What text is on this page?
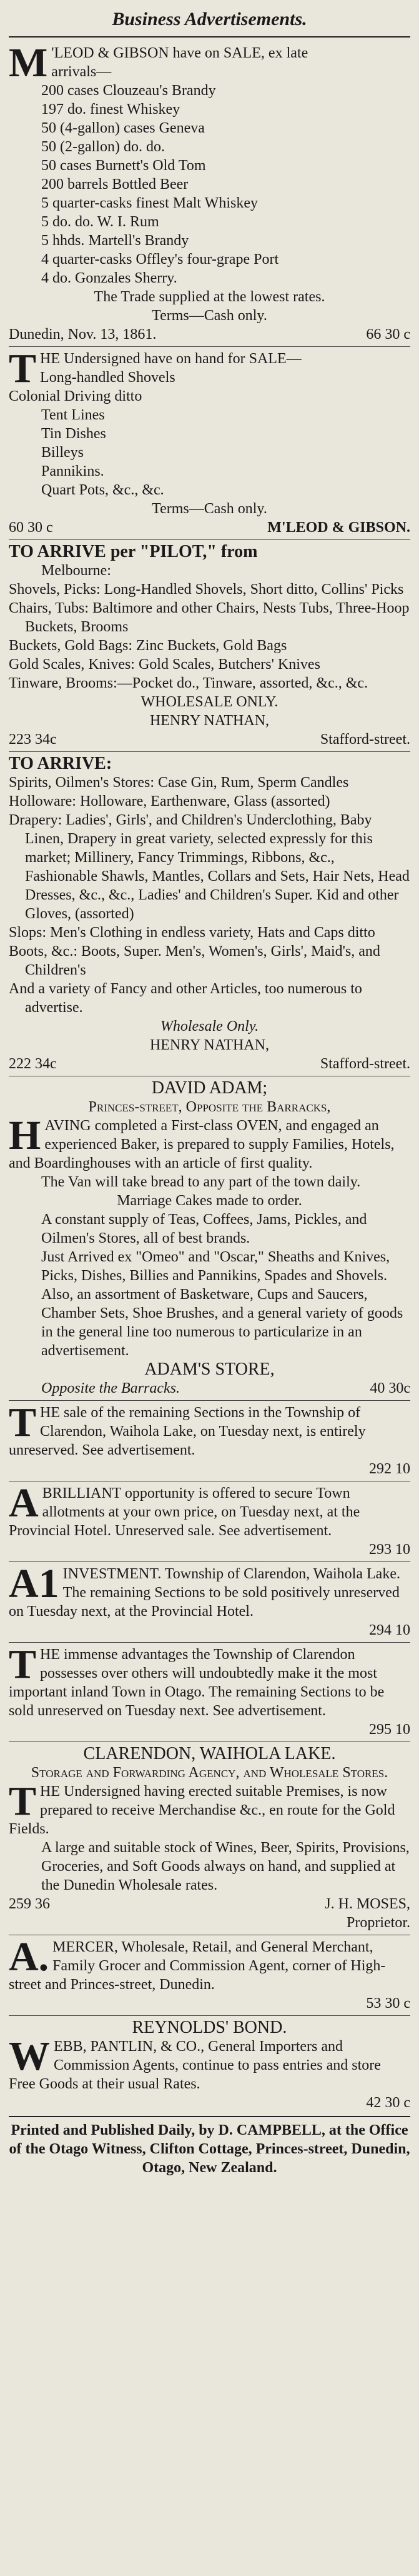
Business Advertisements.
M 'LEOD & GIBSON have on SALE, ex late

arrivals—

200 cases Clouzeau's Brandy

197 do. finest Whiskey

50 (4-gallon) cases Geneva

50 (2-gallon) do. do.

50 cases Burnett's Old Tom

200 barrels Bottled Beer

5 quarter-casks finest Malt Whiskey

5 do. do. W. I. Rum

5 hhds. Martell's Brandy

4 quarter-casks Offley's four-grape Port

4 do. Gonzales Sherry.

The Trade supplied at the lowest rates.

Terms—Cash only.

Dunedin, Nov. 13, 1861.	66 30 c
T HE Undersigned have on hand for SALE—

Long-handled Shovels

Colonial Driving ditto

Tent Lines

Tin Dishes

Billeys

Pannikins.

Quart Pots, &c., &c.

Terms—Cash only.

60 30 c	M'LEOD & GIBSON.

TO ARRIVE per "PILOT," from

Melbourne:

Shovels, Picks: Long-Handled Shovels, Short ditto, Collins' Picks

Chairs, Tubs: Baltimore and other Chairs, Nests Tubs, Three-Hoop Buckets, Brooms

Buckets, Gold Bags: Zinc Buckets, Gold Bags

Gold Scales, Knives: Gold Scales, Butchers' Knives

Tinware, Brooms:—Pocket do., Tinware, assorted, &c., &c.

WHOLESALE ONLY.

HENRY NATHAN,

223 34c	Stafford-street.

TO ARRIVE:

Spirits, Oilmen's Stores: Case Gin, Rum, Sperm Candles

Holloware: Holloware, Earthenware, Glass (assorted)

Drapery: Ladies', Girls', and Children's Underclothing, Baby Linen, Drapery in great variety, selected expressly for this market; Millinery, Fancy Trimmings, Ribbons, &c., Fashionable Shawls, Mantles, Collars and Sets, Hair Nets, Head Dresses, &c., &c., Ladies' and Children's Super. Kid and other Gloves, (assorted)

Slops: Men's Clothing in endless variety, Hats and Caps ditto

Boots, &c.: Boots, Super. Men's, Women's, Girls', Maid's, and Children's

And a variety of Fancy and other Articles, too numerous to advertise.

Wholesale Only.

HENRY NATHAN,

222 34c	Stafford-street.

DAVID ADAM;

Princes-street, Opposite the Barracks,

H AVING completed a First-class OVEN, and engaged an experienced Baker, is prepared to supply Families, Hotels, and Boardinghouses with an article of first quality.

The Van will take bread to any part of the town daily.

Marriage Cakes made to order.

A constant supply of Teas, Coffees, Jams, Pickles, and Oilmen's Stores, all of best brands.

Just Arrived ex "Omeo" and "Oscar," Sheaths and Knives, Picks, Dishes, Billies and Pannikins, Spades and Shovels.

Also, an assortment of Basketware, Cups and Saucers, Chamber Sets, Shoe Brushes, and a general variety of goods in the general line too numerous to particularize in an advertisement.

ADAM'S STORE,

Opposite the Barracks.	40 30c
T HE sale of the remaining Sections in the Township of Clarendon, Waihola Lake, on Tuesday next, is entirely unreserved. See advertisement.

292 10

A BRILLIANT opportunity is offered to secure Town allotments at your own price, on Tuesday next, at the Provincial Hotel. Unreserved sale. See advertisement.

293 10

A1 INVESTMENT. Township of Clarendon, Waihola Lake. The remaining Sections to be sold positively unreserved on Tuesday next, at the Provincial Hotel.

294 10

T HE immense advantages the Township of Clarendon possesses over others will undoubtedly make it the most important inland Town in Otago. The remaining Sections to be sold unreserved on Tuesday next. See advertisement.

295 10

CLARENDON, WAIHOLA LAKE.

Storage and Forwarding Agency, and Wholesale Stores.

T HE Undersigned having erected suitable Premises, is now prepared to receive Merchandise &c., en route for the Gold Fields.

A large and suitable stock of Wines, Beer, Spirits, Provisions, Groceries, and Soft Goods always on hand, and supplied at the Dunedin Wholesale rates.

259 36	J. H. MOSES,

Proprietor.

A. MERCER, Wholesale, Retail, and General Merchant, Family Grocer and Commission Agent, corner of High-street and Princes-street, Dunedin.

53 30 c

REYNOLDS' BOND.

W EBB, PANTLIN, & CO., General Importers and Commission Agents, continue to pass entries and store Free Goods at their usual Rates.

42 30 c

Printed and Published Daily, by D. CAMPBELL, at the Office of the Otago Witness, Clifton Cottage, Princes-street, Dunedin, Otago, New Zealand.
